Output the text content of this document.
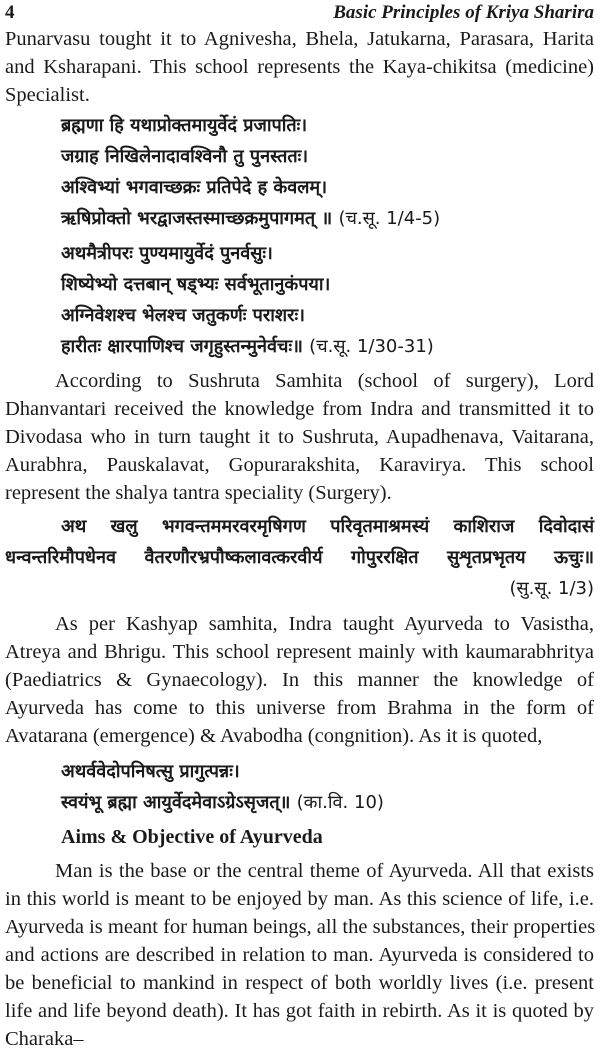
4	Basic Principles of Kriya Sharira
Punarvasu tought it to Agnivesha, Bhela, Jatukarna, Parasara, Harita
and Ksharapani. This school represents the Kaya-chikitsa (medicine)
Specialist.
ब्रह्मणा हि यथाप्रोक्तमायुर्वेदं प्रजापतिः।
जग्राह निखिलेनादावश्विनौ तु पुनस्ततः।
अश्विभ्यां भगवाच्छक्रः प्रतिपेदे ह केवलम्।
ऋषिप्रोक्तो भरद्वाजस्तस्माच्छक्रमुपागमत् ॥ (च.सू. 1/4-5)
अथमैत्रीपरः पुण्यमायुर्वेदं पुनर्वसुः।
शिष्येभ्यो दत्तबान् षड्भ्यः सर्वभूतानुकंपया।
अग्निवेशश्च भेलश्च जतुकर्णः पराशरः।
हारीतः क्षारपाणिश्च जगृहुस्तन्मुनेर्वचः॥ (च.सू. 1/30-31)
According to Sushruta Samhita (school of surgery), Lord
Dhanvantari received the knowledge from Indra and transmitted it to
Divodasa who in turn taught it to Sushruta, Aupadhenava, Vaitarana,
Aurabhra, Pauskalavat, Gopurarakshita, Karavirya. This school
represent the shalya tantra speciality (Surgery).
अथ खलु भगवन्तममरवरमृषिगण परिवृतमाश्रमस्यं काशिराज दिवोदासं
धन्वन्तरिमौपधेनव वैतरणौरभ्रपौष्कलावत्करवीर्य गोपुररक्षित सुशृतप्रभृतय ऊचुः॥
(सु.सू. 1/3)
As per Kashyap samhita, Indra taught Ayurveda to Vasistha,
Atreya and Bhrigu. This school represent mainly with kaumarabhritya
(Paediatrics & Gynaecology). In this manner the knowledge of
Ayurveda has come to this universe from Brahma in the form of
Avatarana (emergence) & Avabodha (congnition). As it is quoted,
अथर्ववेदोपनिषत्सु प्रागुत्पन्नः।
स्वयंभू ब्रह्मा आयुर्वेदमेवाऽग्रेऽसृजत्॥ (का.वि. 10)
Aims & Objective of Ayurveda
Man is the base or the central theme of Ayurveda. All that exists
in this world is meant to be enjoyed by man. As this science of life, i.e.
Ayurveda is meant for human beings, all the substances, their properties
and actions are described in relation to man. Ayurveda is considered to
be beneficial to mankind in respect of both worldly lives (i.e. present
life and life beyond death). It has got faith in rebirth. As it is quoted by
Charaka–
